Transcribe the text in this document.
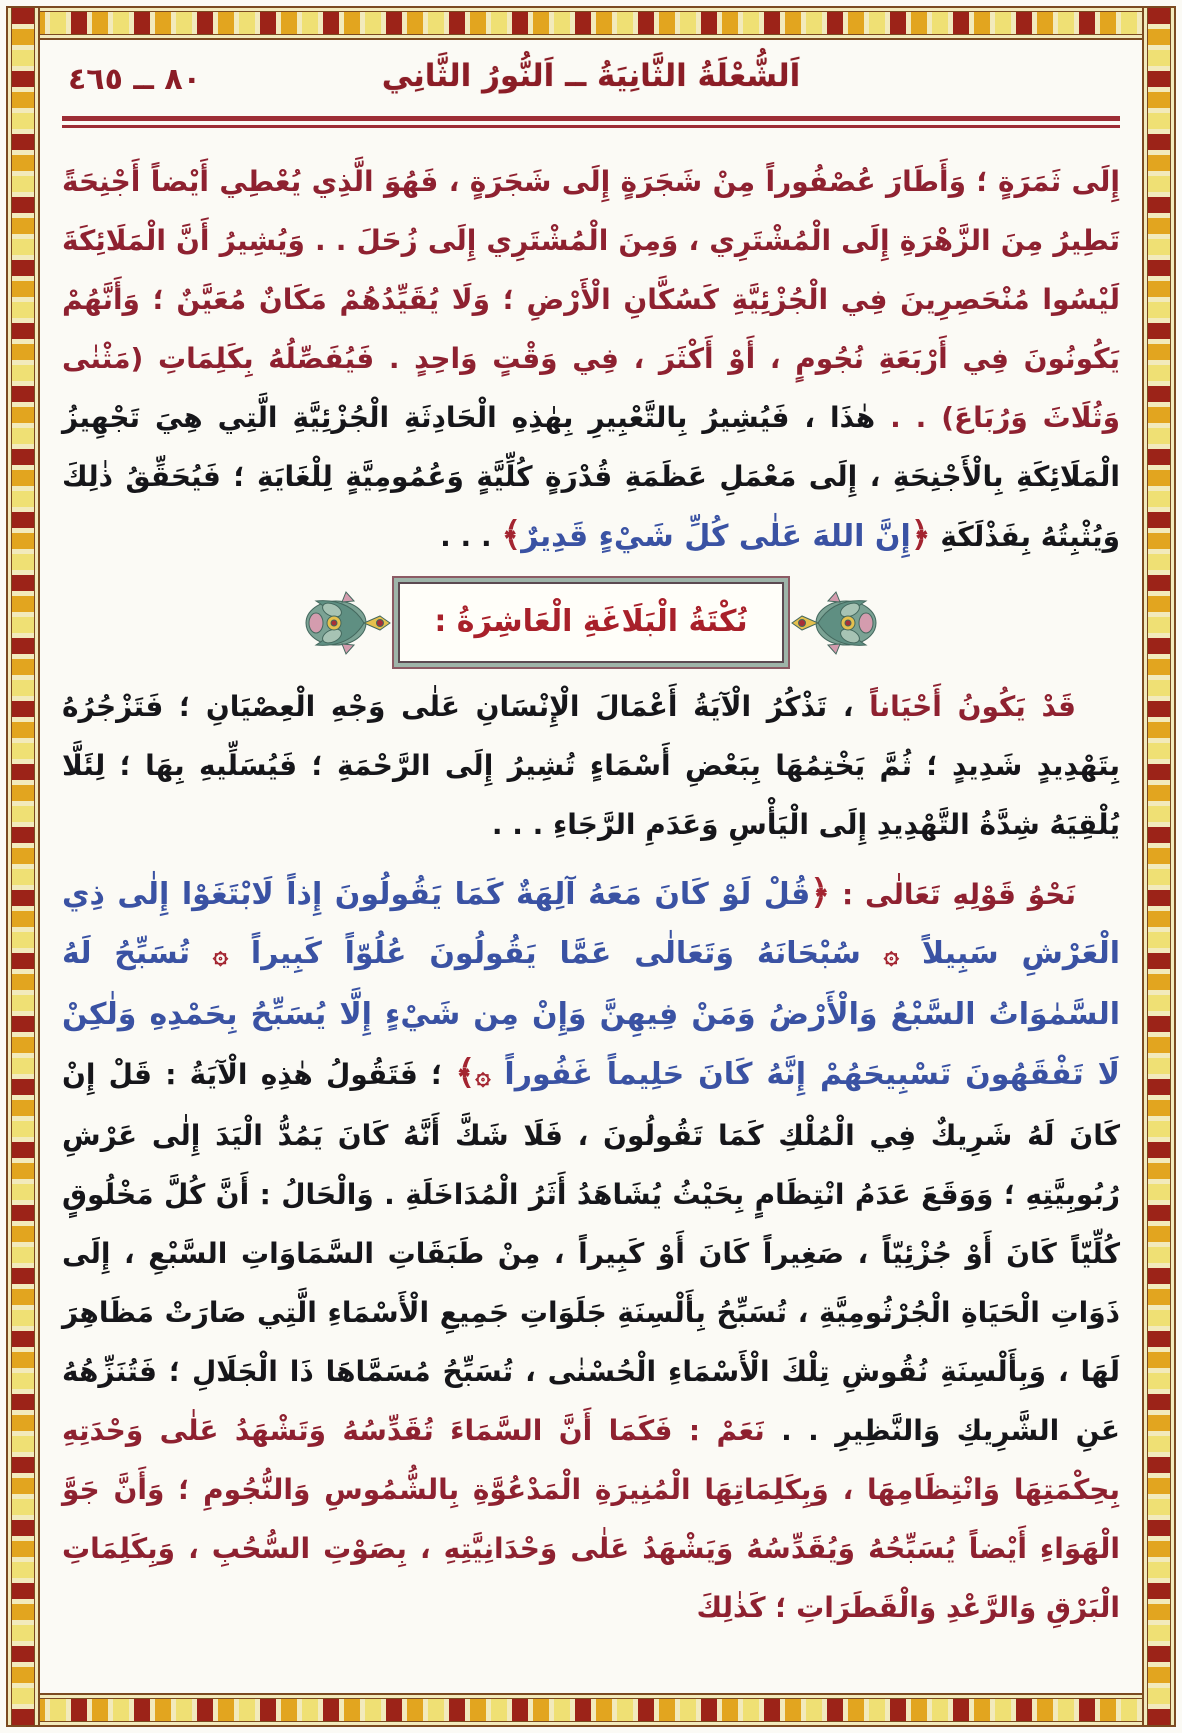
٨٠ ــ ٤٦٥	اَلشُّعْلَةُ الثَّانِيَةُ ــ اَلنُّورُ الثَّانِي

إِلَى ثَمَرَةٍ ؛ وَأَطَارَ عُصْفُوراً مِنْ شَجَرَةٍ إِلَى شَجَرَةٍ ، فَهُوَ الَّذِي يُعْطِي أَيْضاً أَجْنِحَةً تَطِيرُ مِنَ الزَّهْرَةِ إِلَى الْمُشْتَرِي ، وَمِنَ الْمُشْتَرِي إِلَى زُحَلَ . . وَيُشِيرُ أَنَّ الْمَلَائِكَةَ لَيْسُوا مُنْحَصِرِينَ فِي الْجُزْئِيَّةِ كَسُكَّانِ الْأَرْضِ ؛ وَلَا يُقَيِّدُهُمْ مَكَانٌ مُعَيَّنٌ ؛ وَأَنَّهُمْ يَكُونُونَ فِي أَرْبَعَةِ نُجُومٍ ، أَوْ أَكْثَرَ ، فِي وَقْتٍ وَاحِدٍ . فَيُفَصِّلُهُ بِكَلِمَاتِ (مَثْنٰى وَثُلَاثَ وَرُبَاعَ) . . هٰذَا ، فَيُشِيرُ بِالتَّعْبِيرِ بِهٰذِهِ الْحَادِثَةِ الْجُزْئِيَّةِ الَّتِي هِيَ تَجْهِيزُ الْمَلَائِكَةِ بِالْأَجْنِحَةِ ، إِلَى مَعْمَلِ عَظَمَةِ قُدْرَةٍ كُلِّيَّةٍ وَعُمُومِيَّةٍ لِلْغَايَةِ ؛ فَيُحَقِّقُ ذٰلِكَ وَيُثْبِتُهُ بِفَذْلَكَةِ ﴿إِنَّ اللهَ عَلٰى كُلِّ شَيْءٍ قَدِيرٌ﴾ . . .

نُكْتَةُ الْبَلَاغَةِ الْعَاشِرَةُ :

قَدْ يَكُونُ أَحْيَاناً ، تَذْكُرُ الْآيَةُ أَعْمَالَ الْإِنْسَانِ عَلٰى وَجْهِ الْعِصْيَانِ ؛ فَتَزْجُرُهُ بِتَهْدِيدٍ شَدِيدٍ ؛ ثُمَّ يَخْتِمُهَا بِبَعْضِ أَسْمَاءٍ تُشِيرُ إِلَى الرَّحْمَةِ ؛ فَيُسَلِّيهِ بِهَا ؛ لِئَلَّا يُلْقِيَهُ شِدَّةُ التَّهْدِيدِ إِلَى الْيَأْسِ وَعَدَمِ الرَّجَاءِ . . .

نَحْوُ قَوْلِهِ تَعَالٰى : ﴿قُلْ لَوْ كَانَ مَعَهُ آلِهَةٌ كَمَا يَقُولُونَ إِذاً لَابْتَغَوْا إِلٰى ذِي الْعَرْشِ سَبِيلاً ۞ سُبْحَانَهُ وَتَعَالٰى عَمَّا يَقُولُونَ عُلُوّاً كَبِيراً ۞ تُسَبِّحُ لَهُ السَّمٰوَاتُ السَّبْعُ وَالْأَرْضُ وَمَنْ فِيهِنَّ وَإِنْ مِن شَيْءٍ إِلَّا يُسَبِّحُ بِحَمْدِهِ وَلٰكِنْ لَا تَفْقَهُونَ تَسْبِيحَهُمْ إِنَّهُ كَانَ حَلِيماً غَفُوراً ۞﴾ ؛ فَتَقُولُ هٰذِهِ الْآيَةُ : قَلْ إِنْ كَانَ لَهُ شَرِيكٌ فِي الْمُلْكِ كَمَا تَقُولُونَ ، فَلَا شَكَّ أَنَّهُ كَانَ يَمُدُّ الْيَدَ إِلٰى عَرْشِ رُبُوبِيَّتِهِ ؛ وَوَقَعَ عَدَمُ انْتِظَامٍ بِحَيْثُ يُشَاهَدُ أَثَرُ الْمُدَاخَلَةِ . وَالْحَالُ : أَنَّ كُلَّ مَخْلُوقٍ كُلِّيّاً كَانَ أَوْ جُزْئِيّاً ، صَغِيراً كَانَ أَوْ كَبِيراً ، مِنْ طَبَقَاتِ السَّمَاوَاتِ السَّبْعِ ، إِلَى ذَوَاتِ الْحَيَاةِ الْجُرْثُومِيَّةِ ، تُسَبِّحُ بِأَلْسِنَةِ جَلَوَاتِ جَمِيعِ الْأَسْمَاءِ الَّتِي صَارَتْ مَظَاهِرَ لَهَا ، وَبِأَلْسِنَةِ نُقُوشِ تِلْكَ الْأَسْمَاءِ الْحُسْنٰى ، تُسَبِّحُ مُسَمَّاهَا ذَا الْجَلَالِ ؛ فَتُنَزِّهُهُ عَنِ الشَّرِيكِ وَالنَّظِيرِ . . نَعَمْ : فَكَمَا أَنَّ السَّمَاءَ تُقَدِّسُهُ وَتَشْهَدُ عَلٰى وَحْدَتِهِ بِحِكْمَتِهَا وَانْتِظَامِهَا ، وَبِكَلِمَاتِهَا الْمُنِيرَةِ الْمَدْعُوَّةِ بِالشُّمُوسِ وَالنُّجُومِ ؛ وَأَنَّ جَوَّ الْهَوَاءِ أَيْضاً يُسَبِّحُهُ وَيُقَدِّسُهُ وَيَشْهَدُ عَلٰى وَحْدَانِيَّتِهِ ، بِصَوْتِ السُّحُبِ ، وَبِكَلِمَاتِ الْبَرْقِ وَالرَّعْدِ وَالْقَطَرَاتِ ؛ كَذٰلِكَ
